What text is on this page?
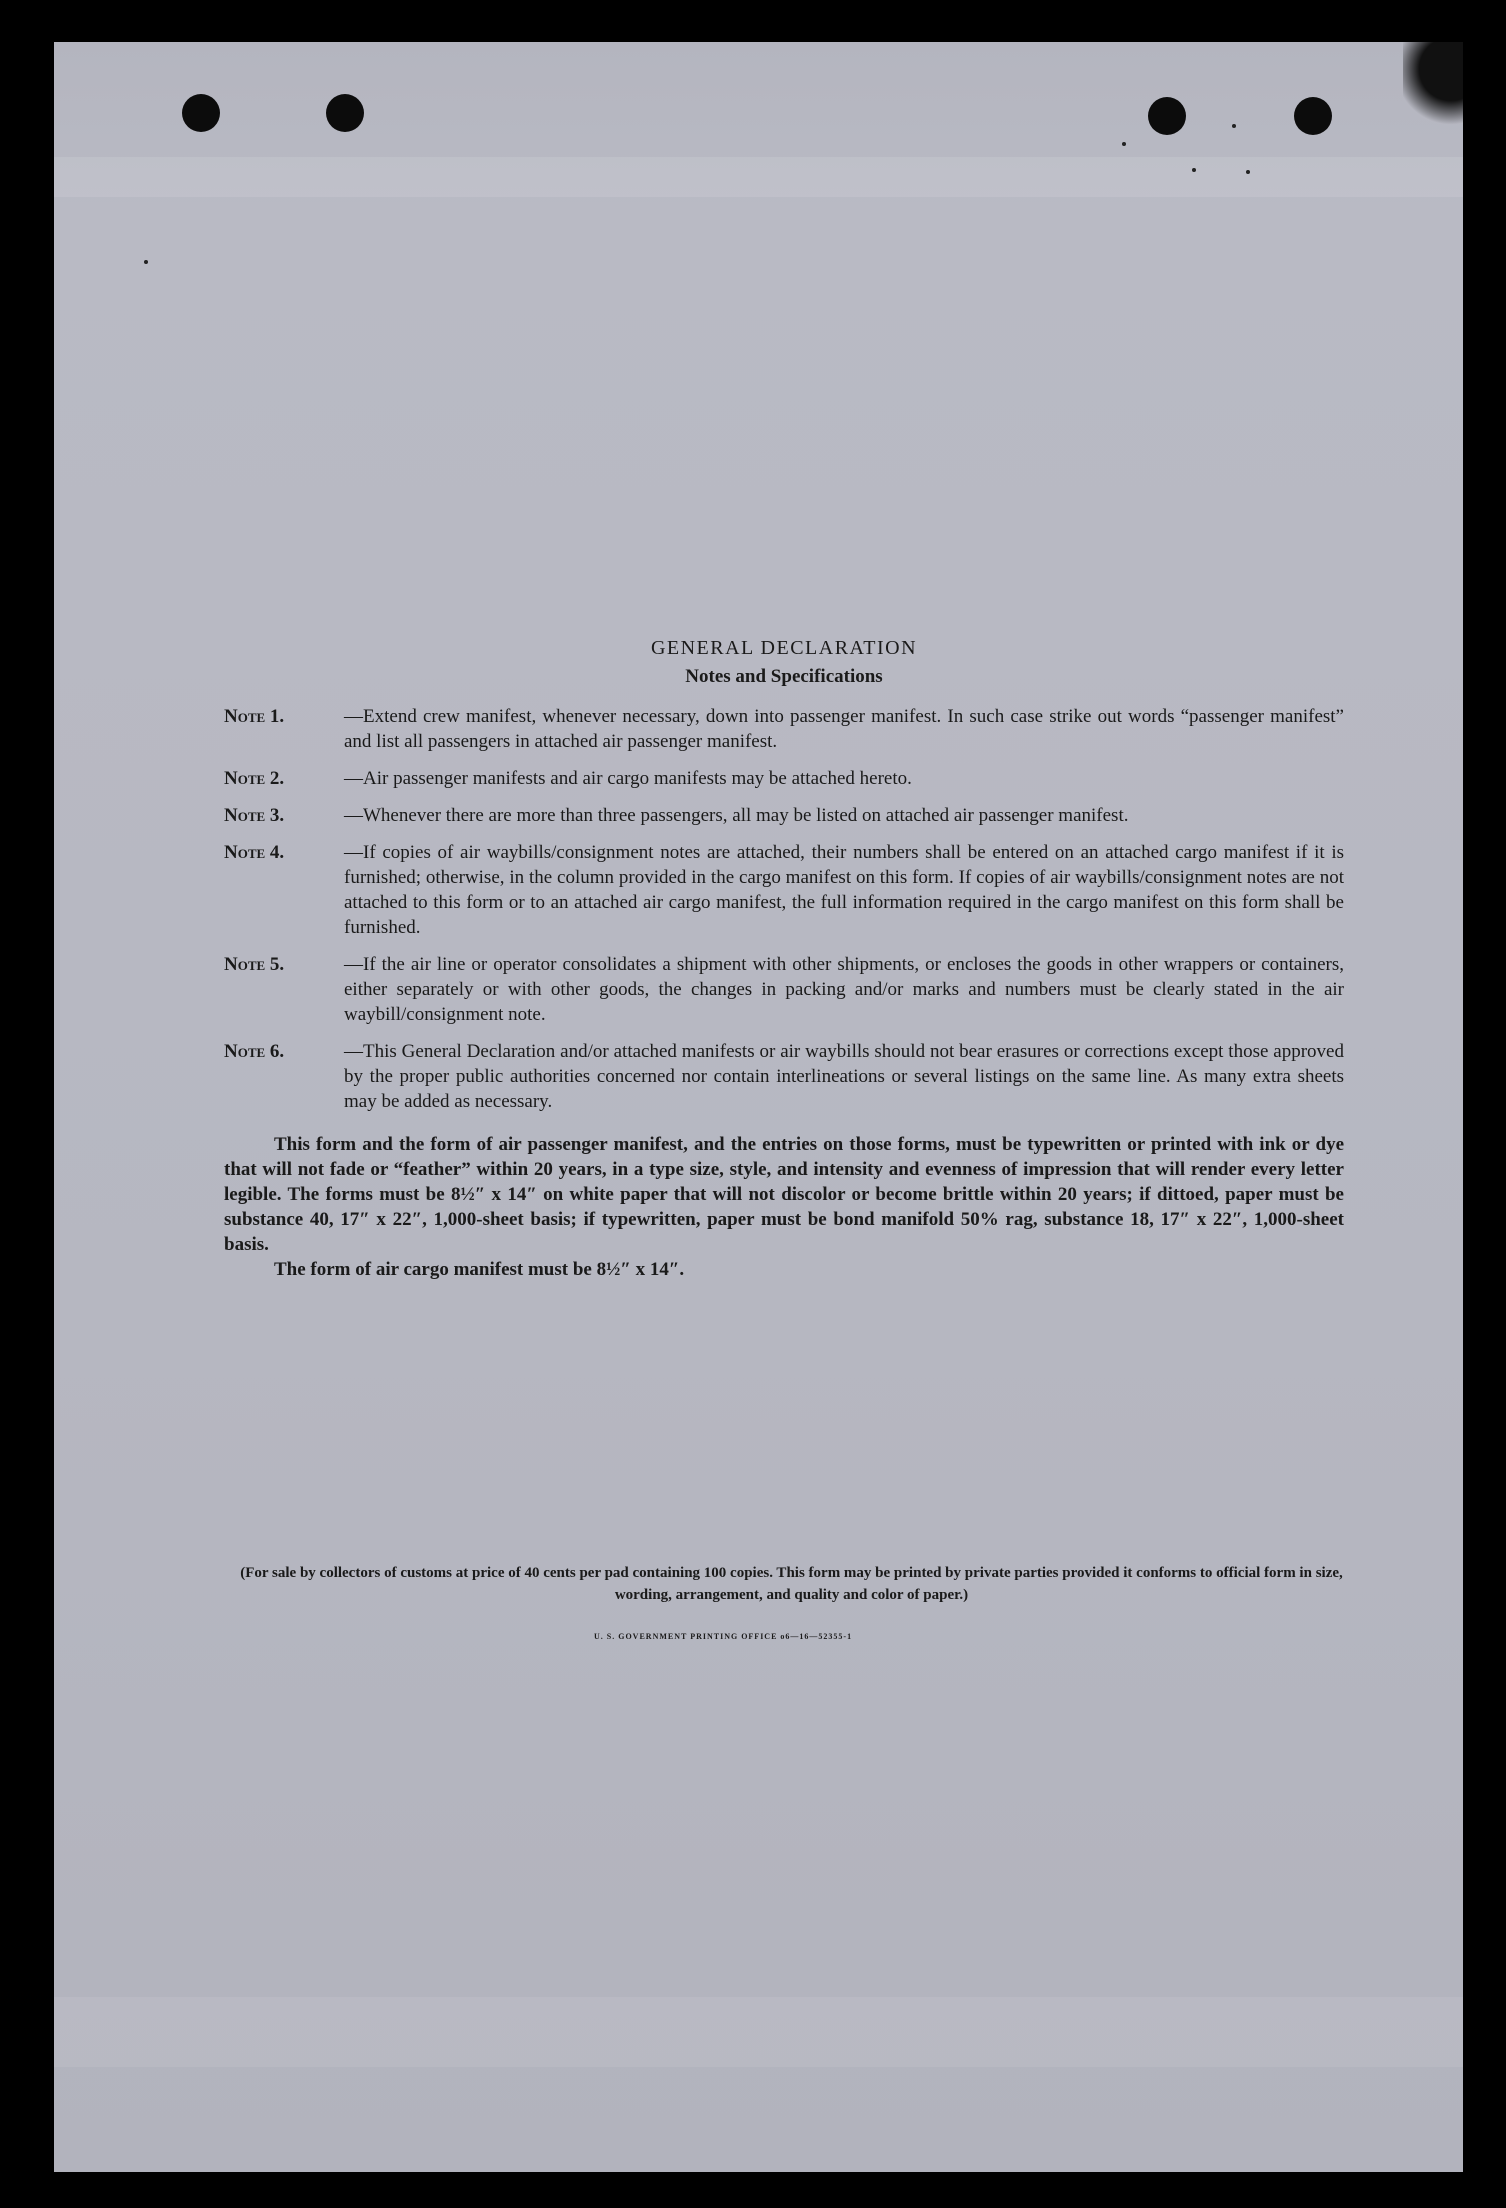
GENERAL DECLARATION
Notes and Specifications
Note 1.	—Extend crew manifest, whenever necessary, down into passenger manifest. In such case strike out words “passenger manifest” and list all passengers in attached air passenger manifest.
Note 2.	—Air passenger manifests and air cargo manifests may be attached hereto.
Note 3.	—Whenever there are more than three passengers, all may be listed on attached air passenger manifest.
Note 4.	—If copies of air waybills/consignment notes are attached, their numbers shall be entered on an attached cargo manifest if it is furnished; otherwise, in the column provided in the cargo manifest on this form. If copies of air waybills/consignment notes are not attached to this form or to an attached air cargo manifest, the full information required in the cargo manifest on this form shall be furnished.
Note 5.	—If the air line or operator consolidates a shipment with other shipments, or encloses the goods in other wrappers or containers, either separately or with other goods, the changes in packing and/or marks and numbers must be clearly stated in the air waybill/consignment note.
Note 6.	—This General Declaration and/or attached manifests or air waybills should not bear erasures or corrections except those approved by the proper public authorities concerned nor contain interlineations or several listings on the same line. As many extra sheets may be added as necessary.

This form and the form of air passenger manifest, and the entries on those forms, must be typewritten or printed with ink or dye that will not fade or “feather” within 20 years, in a type size, style, and intensity and evenness of impression that will render every letter legible. The forms must be 8½″ x 14″ on white paper that will not discolor or become brittle within 20 years; if dittoed, paper must be substance 40, 17″ x 22″, 1,000-sheet basis; if typewritten, paper must be bond manifold 50% rag, substance 18, 17″ x 22″, 1,000-sheet basis.

The form of air cargo manifest must be 8½″ x 14″.

(For sale by collectors of customs at price of 40 cents per pad containing 100 copies. This form may be printed by private parties provided it conforms to official form in size, wording, arrangement, and quality and color of paper.)
U. S. GOVERNMENT PRINTING OFFICE o6—16—52355-1
